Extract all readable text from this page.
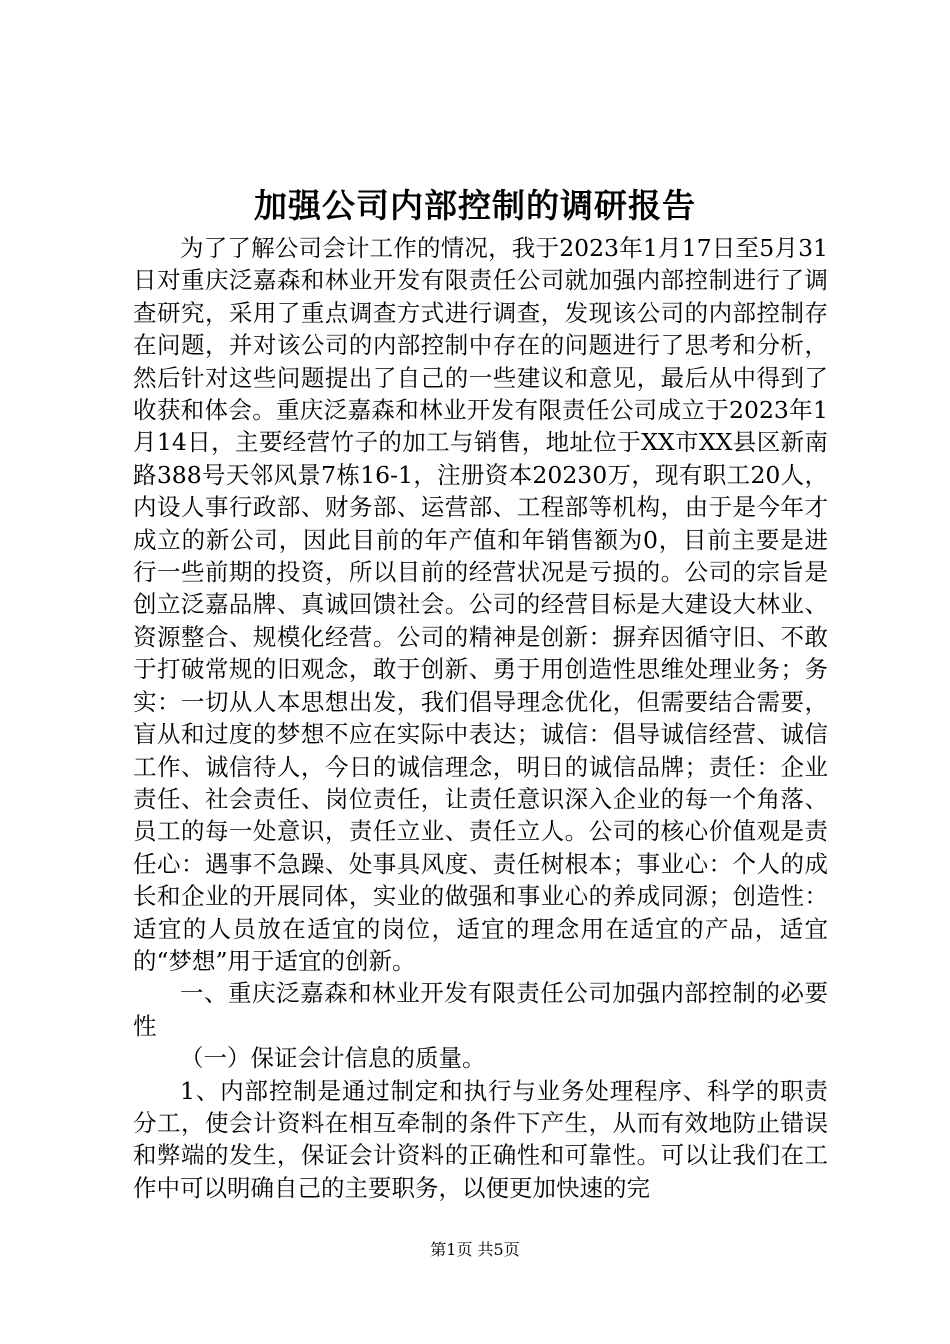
加强公司内部控制的调研报告

为了了解公司会计工作的情况，我于2023年1月17日至5月31日对重庆泛嘉森和林业开发有限责任公司就加强内部控制进行了调查研究，采用了重点调查方式进行调查，发现该公司的内部控制存在问题，并对该公司的内部控制中存在的问题进行了思考和分析，然后针对这些问题提出了自己的一些建议和意见，最后从中得到了收获和体会。重庆泛嘉森和林业开发有限责任公司成立于2023年1月14日，主要经营竹子的加工与销售，地址位于XX市XX县区新南路388号天邻风景7栋16-1，注册资本20230万，现有职工20人，内设人事行政部、财务部、运营部、工程部等机构，由于是今年才成立的新公司，因此目前的年产值和年销售额为0，目前主要是进行一些前期的投资，所以目前的经营状况是亏损的。公司的宗旨是创立泛嘉品牌、真诚回馈社会。公司的经营目标是大建设大林业、资源整合、规模化经营。公司的精神是创新：摒弃因循守旧、不敢于打破常规的旧观念，敢于创新、勇于用创造性思维处理业务；务实：一切从人本思想出发，我们倡导理念优化，但需要结合需要，盲从和过度的梦想不应在实际中表达；诚信：倡导诚信经营、诚信工作、诚信待人，今日的诚信理念，明日的诚信品牌；责任：企业责任、社会责任、岗位责任，让责任意识深入企业的每一个角落、员工的每一处意识，责任立业、责任立人。公司的核心价值观是责任心：遇事不急躁、处事具风度、责任树根本；事业心：个人的成长和企业的开展同体，实业的做强和事业心的养成同源；创造性：适宜的人员放在适宜的岗位，适宜的理念用在适宜的产品，适宜的“梦想”用于适宜的创新。

一、重庆泛嘉森和林业开发有限责任公司加强内部控制的必要性

（一）保证会计信息的质量。

1、内部控制是通过制定和执行与业务处理程序、科学的职责分工，使会计资料在相互牵制的条件下产生，从而有效地防止错误和弊端的发生，保证会计资料的正确性和可靠性。可以让我们在工作中可以明确自己的主要职务，以便更加快速的完

第1页 共5页
